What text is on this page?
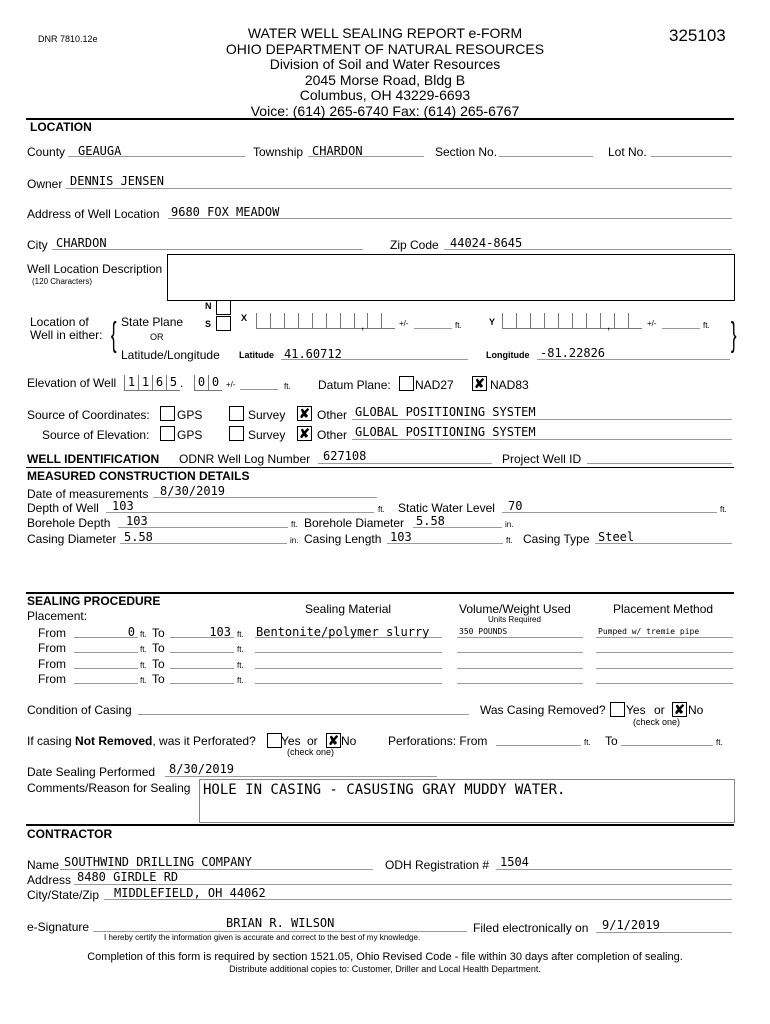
DNR 7810.12e	WATER WELL SEALING REPORT e-FORM
OHIO DEPARTMENT OF NATURAL RESOURCES
Division of Soil and Water Resources
2045 Morse Road, Bldg B
Columbus, OH 43229-6693
Voice: (614) 265-6740 Fax: (614) 265-6767
325103
LOCATION
County GEAUGA	Township CHARDON	Section No.	Lot No.
Owner DENNIS JENSEN
Address of Well Location 9680 FOX MEADOW
City CHARDON	Zip Code 44024-8645
Well Location Description
(120 Characters)
Location of
Well in either: {	}
State Plane
OR
Latitude/Longitude
N
S
X	,	+/-	ft.	Y	,	+/-	ft.
Latitude 41.60712	Longitude -81.22826
Elevation of Well 1 1 6 5 .	0 0 +/-	ft. Datum Plane: NAD27 ✘ NAD83
Source of Coordinates: GPS	Survey ✘ Other GLOBAL POSITIONING SYSTEM
Source of Elevation: GPS	Survey ✘ Other GLOBAL POSITIONING SYSTEM
WELL IDENTIFICATION ODNR Well Log Number 627108	Project Well ID
MEASURED CONSTRUCTION DETAILS
Date of measurements 8/30/2019
Depth of Well 103	ft. Static Water Level 70	ft.
Borehole Depth 103	ft. Borehole Diameter 5.58	in.
Casing Diameter 5.58	in. Casing Length 103	ft. Casing Type Steel
SEALING PROCEDURE
Placement:	Sealing Material	Volume/Weight Used
Units Required
Placement Method
From	0 ft. To	103 ft. Bentonite/polymer slurry	350 POUNDS	Pumped w/ tremie pipe
From	ft. To	ft.
From	ft. To	ft.
From	ft. To	ft.
Condition of Casing	Was Casing Removed? Yes or ✘ No
(check one)
If casing Not Removed, was it Perforated? Yes or ✘ No
(check one)
Perforations: From	ft. To	ft.
Date Sealing Performed 8/30/2019
Comments/Reason for Sealing HOLE IN CASING - CASUSING GRAY MUDDY WATER.
CONTRACTOR
Name SOUTHWIND DRILLING COMPANY	ODH Registration # 1504
Address 8480 GIRDLE RD
City/State/Zip MIDDLEFIELD, OH 44062
e-Signature	BRIAN R. WILSON
I hereby certify the information given is accurate and correct to the best of my knowledge.
Filed electronically on 9/1/2019
Completion of this form is required by section 1521.05, Ohio Revised Code - file within 30 days after completion of sealing.
Distribute additional copies to: Customer, Driller and Local Health Department.
